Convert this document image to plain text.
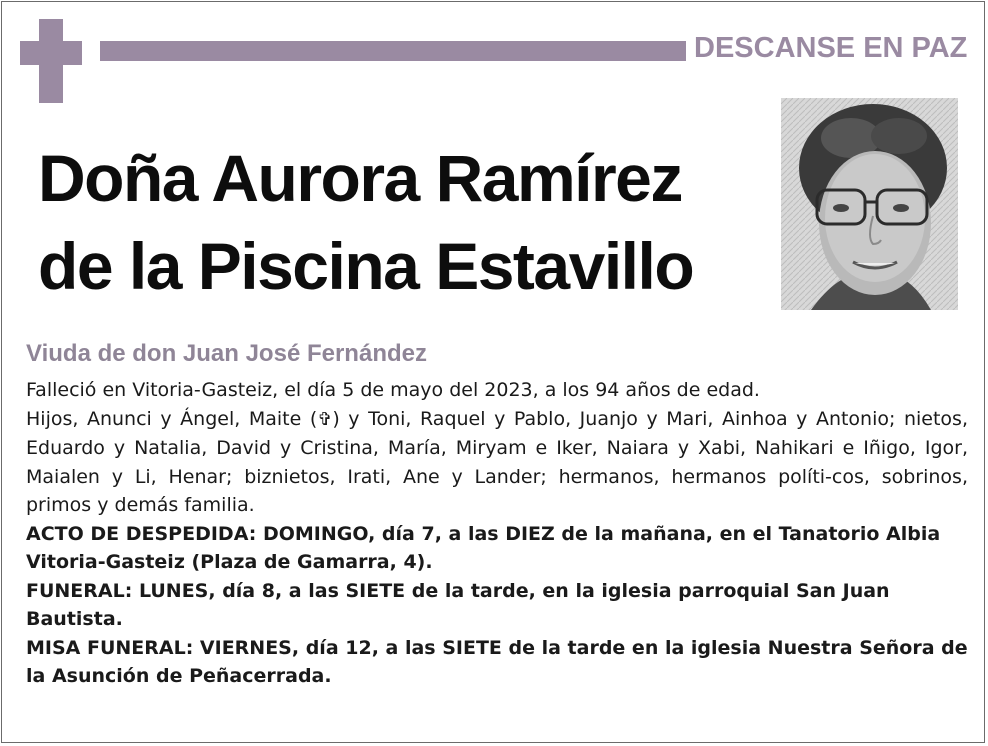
DESCANSE EN PAZ
Doña Aurora Ramírez
de la Piscina Estavillo
Viuda de don Juan José Fernández

Falleció en Vitoria-Gasteiz, el día 5 de mayo del 2023, a los 94 años de edad.

Hijos, Anunci y Ángel, Maite (✞) y Toni, Raquel y Pablo, Juanjo y Mari, Ainhoa y Antonio; nietos, Eduardo y Natalia, David y Cristina, María, Miryam e Iker, Naiara y Xabi, Nahikari e Iñigo, Igor, Maialen y Li, Henar; biznietos, Irati, Ane y Lander; hermanos, hermanos políti-cos, sobrinos, primos y demás familia.

ACTO DE DESPEDIDA: DOMINGO, día 7, a las DIEZ de la mañana, en el Tanatorio Albia Vitoria-Gasteiz (Plaza de Gamarra, 4).

FUNERAL: LUNES, día 8, a las SIETE de la tarde, en la iglesia parroquial San Juan Bautista.

MISA FUNERAL: VIERNES, día 12, a las SIETE de la tarde en la iglesia Nuestra Señora de la Asunción de Peñacerrada.
